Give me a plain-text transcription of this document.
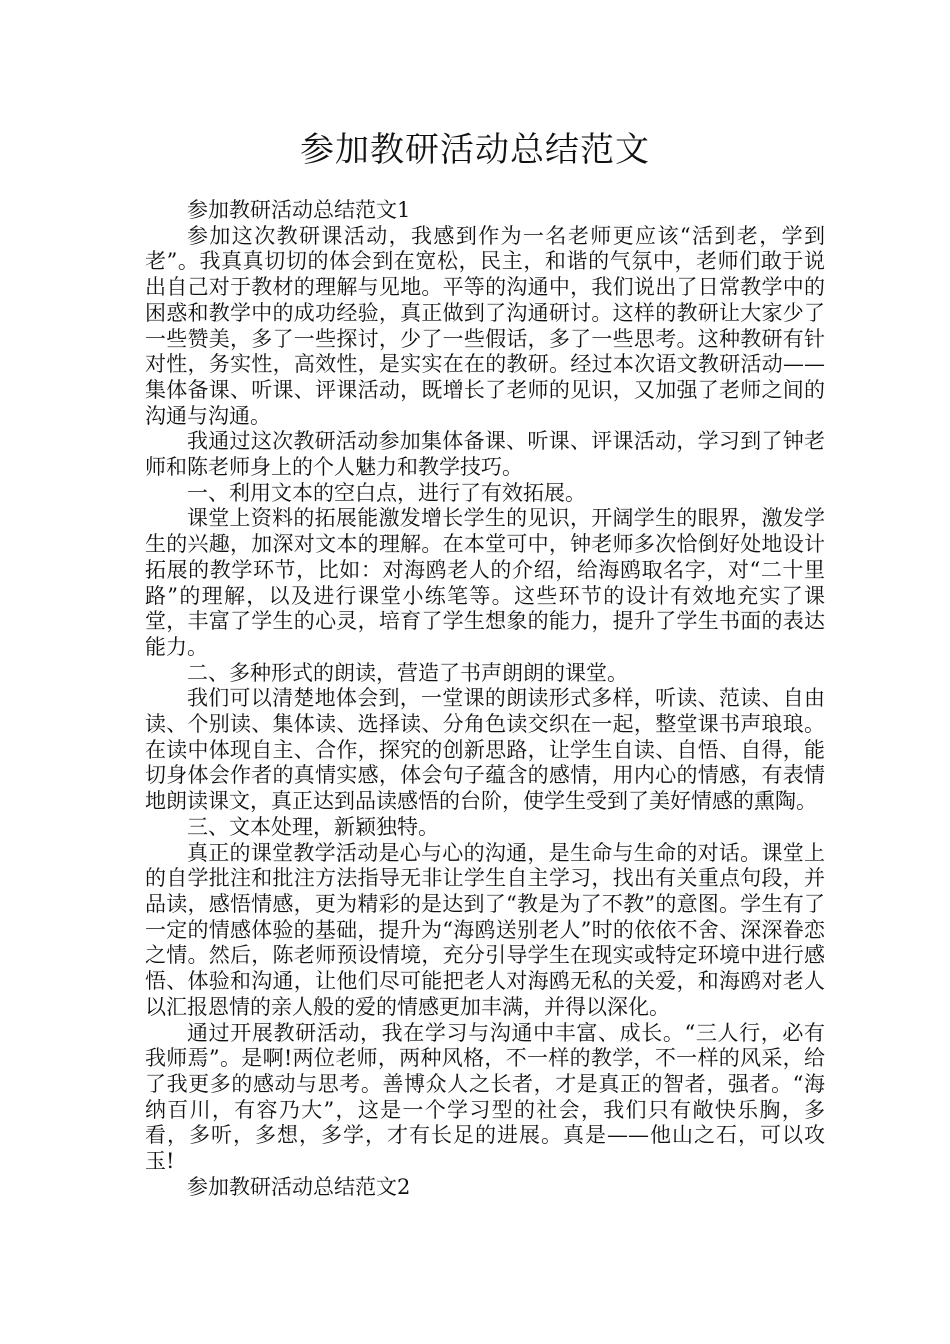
参加教研活动总结范文

参加教研活动总结范文1

参加这次教研课活动，我感到作为一名老师更应该“活到老，学到老”。我真真切切的体会到在宽松，民主，和谐的气氛中，老师们敢于说出自己对于教材的理解与见地。平等的沟通中，我们说出了日常教学中的困惑和教学中的成功经验，真正做到了沟通研讨。这样的教研让大家少了一些赞美，多了一些探讨，少了一些假话，多了一些思考。这种教研有针对性，务实性，高效性，是实实在在的教研。经过本次语文教研活动——集体备课、听课、评课活动，既增长了老师的见识，又加强了老师之间的沟通与沟通。

我通过这次教研活动参加集体备课、听课、评课活动，学习到了钟老师和陈老师身上的个人魅力和教学技巧。

一、利用文本的空白点，进行了有效拓展。

课堂上资料的拓展能激发增长学生的见识，开阔学生的眼界，激发学生的兴趣，加深对文本的理解。在本堂可中，钟老师多次恰倒好处地设计拓展的教学环节，比如：对海鸥老人的介绍，给海鸥取名字，对“二十里路”的理解，以及进行课堂小练笔等。这些环节的设计有效地充实了课堂，丰富了学生的心灵，培育了学生想象的能力，提升了学生书面的表达能力。

二、多种形式的朗读，营造了书声朗朗的课堂。

我们可以清楚地体会到，一堂课的朗读形式多样，听读、范读、自由读、个别读、集体读、选择读、分角色读交织在一起，整堂课书声琅琅。在读中体现自主、合作，探究的创新思路，让学生自读、自悟、自得，能切身体会作者的真情实感，体会句子蕴含的感情，用内心的情感，有表情地朗读课文，真正达到品读感悟的台阶，使学生受到了美好情感的熏陶。

三、文本处理，新颖独特。

真正的课堂教学活动是心与心的沟通，是生命与生命的对话。课堂上的自学批注和批注方法指导无非让学生自主学习，找出有关重点句段，并品读，感悟情感，更为精彩的是达到了“教是为了不教”的意图。学生有了一定的情感体验的基础，提升为“海鸥送别老人”时的依依不舍、深深眷恋之情。然后，陈老师预设情境，充分引导学生在现实或特定环境中进行感悟、体验和沟通，让他们尽可能把老人对海鸥无私的关爱，和海鸥对老人以汇报恩情的亲人般的爱的情感更加丰满，并得以深化。

通过开展教研活动，我在学习与沟通中丰富、成长。“三人行，必有我师焉”。是啊!两位老师，两种风格，不一样的教学，不一样的风采，给了我更多的感动与思考。善博众人之长者，才是真正的智者，强者。“海纳百川，有容乃大”，这是一个学习型的社会，我们只有敞快乐胸，多看，多听，多想，多学，才有长足的进展。真是——他山之石，可以攻玉!

参加教研活动总结范文2
